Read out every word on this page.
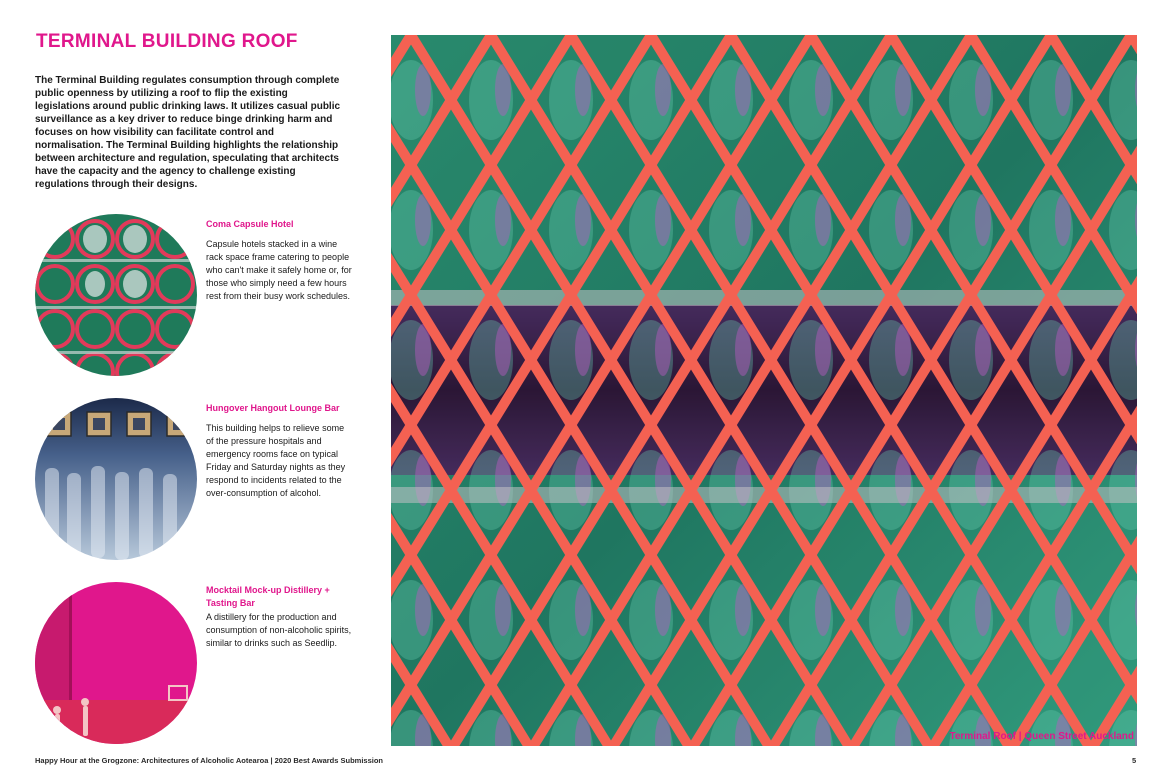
TERMINAL BUILDING ROOF

The Terminal Building regulates consumption through complete public openness by utilizing a roof to flip the existing legislations around public drinking laws. It utilizes casual public surveillance as a key driver to reduce binge drinking harm and focuses on how visibility can facilitate control and normalisation. The Terminal Building highlights the relationship between architecture and regulation, speculating that architects have the capacity and the agency to challenge existing regulations through their designs.

Coma Capsule Hotel

Capsule hotels stacked in a wine rack space frame catering to people who can't make it safely home or, for those who simply need a few hours rest from their busy work schedules.

Hungover Hangout Lounge Bar

This building helps to relieve some of the pressure hospitals and emergency rooms face on typical Friday and Saturday nights as they respond to incidents related to the over-consumption of alcohol.

Mocktail Mock-up Distillery + Tasting Bar

A distillery for the production and consumption of non-alcoholic spirits, similar to drinks such as Seedlip.

Terminal Roof | Queen Street Auckland
Happy Hour at the Grogzone: Architectures of Alcoholic Aotearoa | 2020 Best Awards Submission	5
